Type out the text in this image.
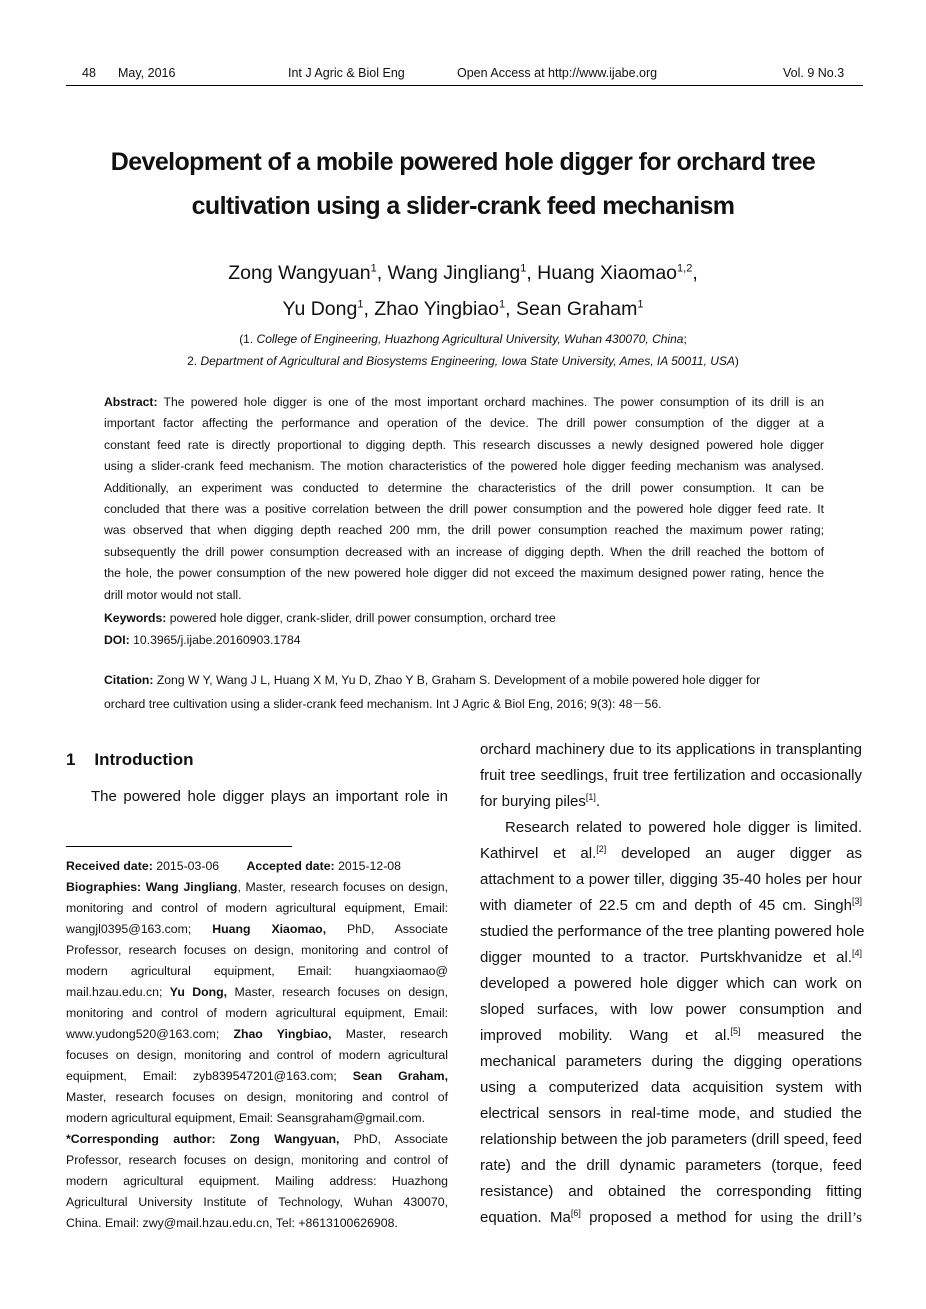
48 May, 2016	Int J Agric & Biol Eng	Open Access at http://www.ijabe.org	Vol. 9 No.3
Development of a mobile powered hole digger for orchard tree
cultivation using a slider-crank feed mechanism
Zong Wangyuan$^1$, Wang Jingliang$^1$, Huang Xiaomao$^{1,2}$,
Yu Dong$^1$, Zhao Yingbiao$^1$, Sean Graham$^1$
(1. College of Engineering, Huazhong Agricultural University, Wuhan 430070, China;
2. Department of Agricultural and Biosystems Engineering, Iowa State University, Ames, IA 50011, USA)
Abstract: The powered hole digger is one of the most important orchard machines. The power consumption of its drill is an
important factor affecting the performance and operation of the device. The drill power consumption of the digger at a
constant feed rate is directly proportional to digging depth. This research discusses a newly designed powered hole digger
using a slider-crank feed mechanism. The motion characteristics of the powered hole digger feeding mechanism was analysed.
Additionally, an experiment was conducted to determine the characteristics of the drill power consumption. It can be
concluded that there was a positive correlation between the drill power consumption and the powered hole digger feed rate. It
was observed that when digging depth reached 200 mm, the drill power consumption reached the maximum power rating;
subsequently the drill power consumption decreased with an increase of digging depth. When the drill reached the bottom of
the hole, the power consumption of the new powered hole digger did not exceed the maximum designed power rating, hence the
drill motor would not stall.
Keywords: powered hole digger, crank-slider, drill power consumption, orchard tree
DOI: 10.3965/j.ijabe.20160903.1784
Citation: Zong W Y, Wang J L, Huang X M, Yu D, Zhao Y B, Graham S. Development of a mobile powered hole digger for
orchard tree cultivation using a slider-crank feed mechanism. Int J Agric & Biol Eng, 2016; 9(3): 48－56.
1 Introduction
The powered hole digger plays an important role in
Received date: 2015-03-06 Accepted date: 2015-12-08
Biographies: Wang Jingliang, Master, research focuses on design,
monitoring and control of modern agricultural equipment, Email:
wangjl0395@163.com; Huang Xiaomao, PhD, Associate
Professor, research focuses on design, monitoring and control of
modern agricultural equipment, Email: huangxiaomao@
mail.hzau.edu.cn; Yu Dong, Master, research focuses on design,
monitoring and control of modern agricultural equipment, Email:
www.yudong520@163.com; Zhao Yingbiao, Master, research
focuses on design, monitoring and control of modern agricultural
equipment, Email: zyb839547201@163.com; Sean Graham,
Master, research focuses on design, monitoring and control of
modern agricultural equipment, Email: Seansgraham@gmail.com.
*Corresponding author: Zong Wangyuan, PhD, Associate
Professor, research focuses on design, monitoring and control of
modern agricultural equipment. Mailing address: Huazhong
Agricultural University Institute of Technology, Wuhan 430070,
China. Email: zwy@mail.hzau.edu.cn, Tel: +8613100626908.
orchard machinery due to its applications in transplanting
fruit tree seedlings, fruit tree fertilization and occasionally
for burying piles[1].
Research related to powered hole digger is limited.
Kathirvel et al.[2] developed an auger digger as
attachment to a power tiller, digging 35-40 holes per hour
with diameter of 22.5 cm and depth of 45 cm. Singh[3]
studied the performance of the tree planting powered hole
digger mounted to a tractor. Purtskhvanidze et al.[4]
developed a powered hole digger which can work on
sloped surfaces, with low power consumption and
improved mobility. Wang et al.[5] measured the
mechanical parameters during the digging operations
using a computerized data acquisition system with
electrical sensors in real-time mode, and studied the
relationship between the job parameters (drill speed, feed
rate) and the drill dynamic parameters (torque, feed
resistance) and obtained the corresponding fitting
equation. Ma[6] proposed a method for using the drill’s
